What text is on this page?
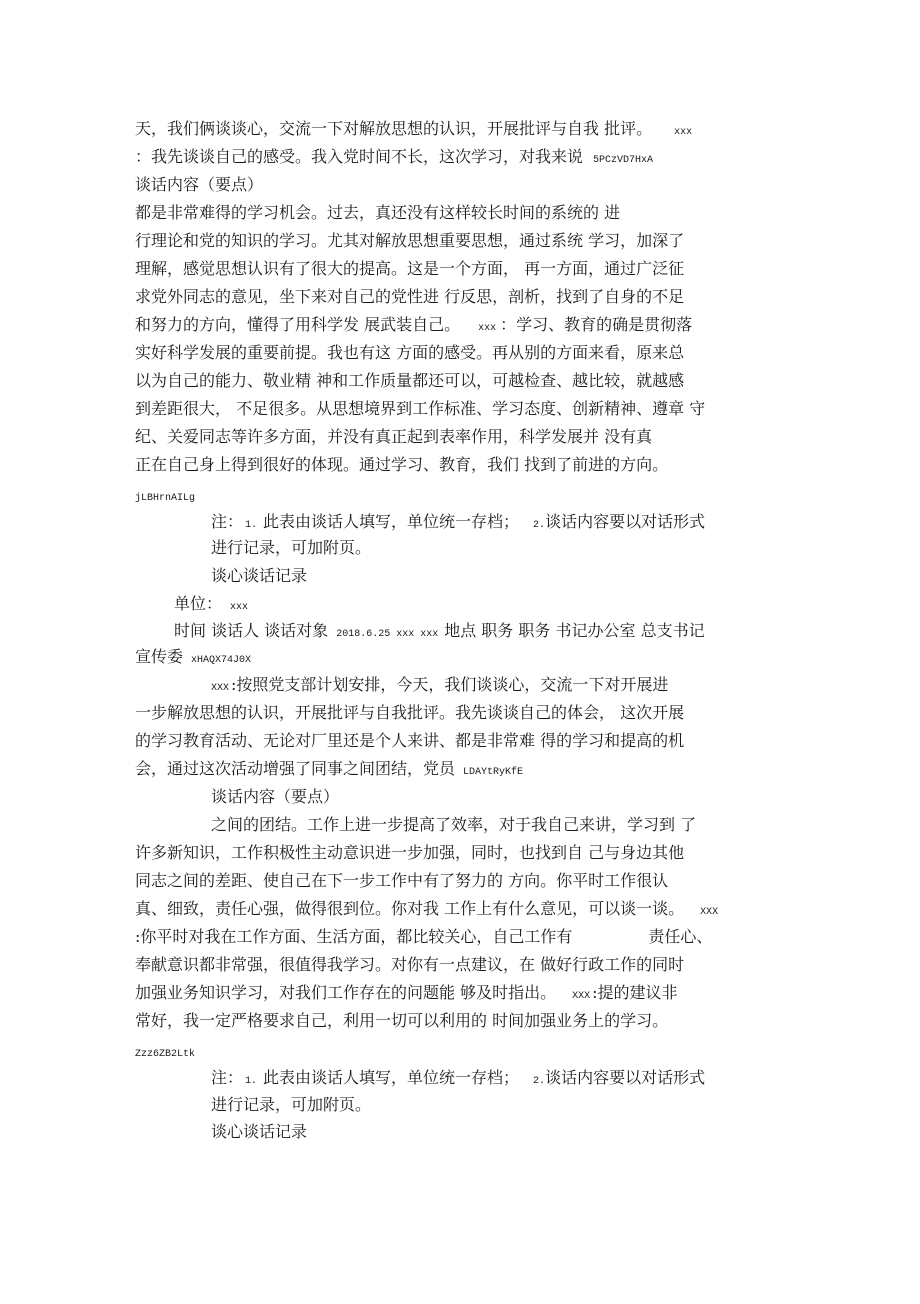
天，我们俩谈谈心，交流一下对解放思想的认识，开展批评与自我 批评。 xxx
：我先谈谈自己的感受。我入党时间不长，这次学习，对我来说 5PCzVD7HxA
谈话内容（要点）
都是非常难得的学习机会。过去，真还没有这样较长时间的系统的 进
行理论和党的知识的学习。尤其对解放思想重要思想，通过系统 学习，加深了
理解，感觉思想认识有了很大的提高。这是一个方面， 再一方面，通过广泛征
求党外同志的意见，坐下来对自己的党性进 行反思，剖析，找到了自身的不足
和努力的方向，懂得了用科学发 展武装自己。 xxx ：学习、教育的确是贯彻落
实好科学发展的重要前提。我也有这 方面的感受。再从别的方面来看，原来总
以为自己的能力、敬业精 神和工作质量都还可以，可越检查、越比较，就越感
到差距很大， 不足很多。从思想境界到工作标准、学习态度、创新精神、遵章 守
纪、关爱同志等许多方面，并没有真正起到表率作用，科学发展并 没有真
正在自己身上得到很好的体现。通过学习、教育，我们 找到了前进的方向。
jLBHrnAILg
注： 1. 此表由谈话人填写，单位统一存档； 2.谈话内容要以对话形式
进行记录，可加附页。
谈心谈话记录
单位： xxx
时间 谈话人 谈话对象 2018.6.25 xxx xxx 地点 职务 职务 书记办公室 总支书记
宣传委 xHAQX74J0X
XXX :按照党支部计划安排，今天，我们谈谈心，交流一下对开展进
一步解放思想的认识，开展批评与自我批评。我先谈谈自己的体会， 这次开展
的学习教育活动、无论对厂里还是个人来讲、都是非常难 得的学习和提高的机
会，通过这次活动增强了同事之间团结，党员 LDAYtRyKfE
谈话内容（要点）
之间的团结。工作上进一步提高了效率，对于我自己来讲，学习到 了
许多新知识，工作积极性主动意识进一步加强，同时，也找到自 己与身边其他
同志之间的差距、使自己在下一步工作中有了努力的 方向。你平时工作很认
真、细致，责任心强，做得很到位。你对我 工作上有什么意见，可以谈一谈。 XXX
:你平时对我在工作方面、生活方面，都比较关心，自己工作有	责任心、
奉献意识都非常强，很值得我学习。对你有一点建议，在 做好行政工作的同时
加强业务知识学习，对我们工作存在的问题能 够及时指出。 XXX :提的建议非
常好，我一定严格要求自己，利用一切可以利用的 时间加强业务上的学习。
Zzz6ZB2Ltk
注： 1. 此表由谈话人填写，单位统一存档； 2.谈话内容要以对话形式
进行记录，可加附页。
谈心谈话记录
